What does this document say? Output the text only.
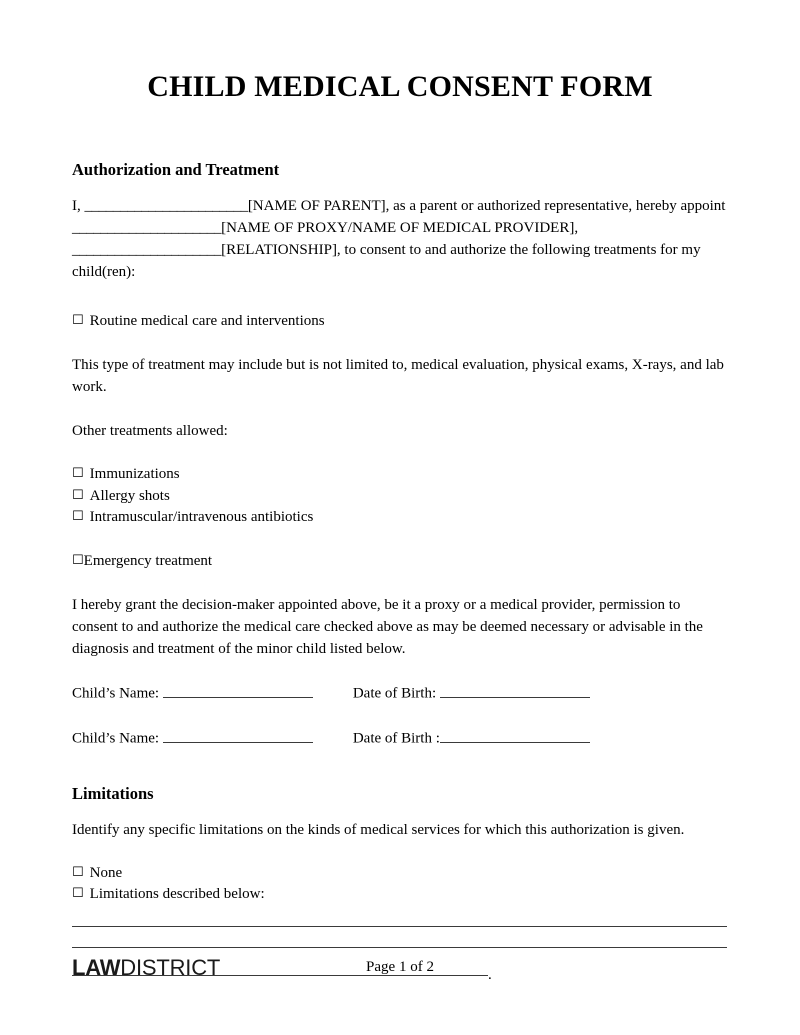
CHILD MEDICAL CONSENT FORM
Authorization and Treatment

I, _______________________[NAME OF PARENT], as a parent or authorized representative, hereby appoint _____________________[NAME OF PROXY/NAME OF MEDICAL PROVIDER], _____________________[RELATIONSHIP], to consent to and authorize the following treatments for my child(ren):

☐ Routine medical care and interventions

This type of treatment may include but is not limited to, medical evaluation, physical exams, X-rays, and lab work.

Other treatments allowed:

☐ Immunizations
☐ Allergy shots
☐ Intramuscular/intravenous antibiotics
☐Emergency treatment

I hereby grant the decision-maker appointed above, be it a proxy or a medical provider, permission to consent to and authorize the medical care checked above as may be deemed necessary or advisable in the diagnosis and treatment of the minor child listed below.

Child’s Name:	Date of Birth:
Child’s Name:	Date of Birth :
Limitations

Identify any specific limitations on the kinds of medical services for which this authorization is given.

☐ None
☐ Limitations described below:
.
LAWDISTRICT	Page 1 of 2
